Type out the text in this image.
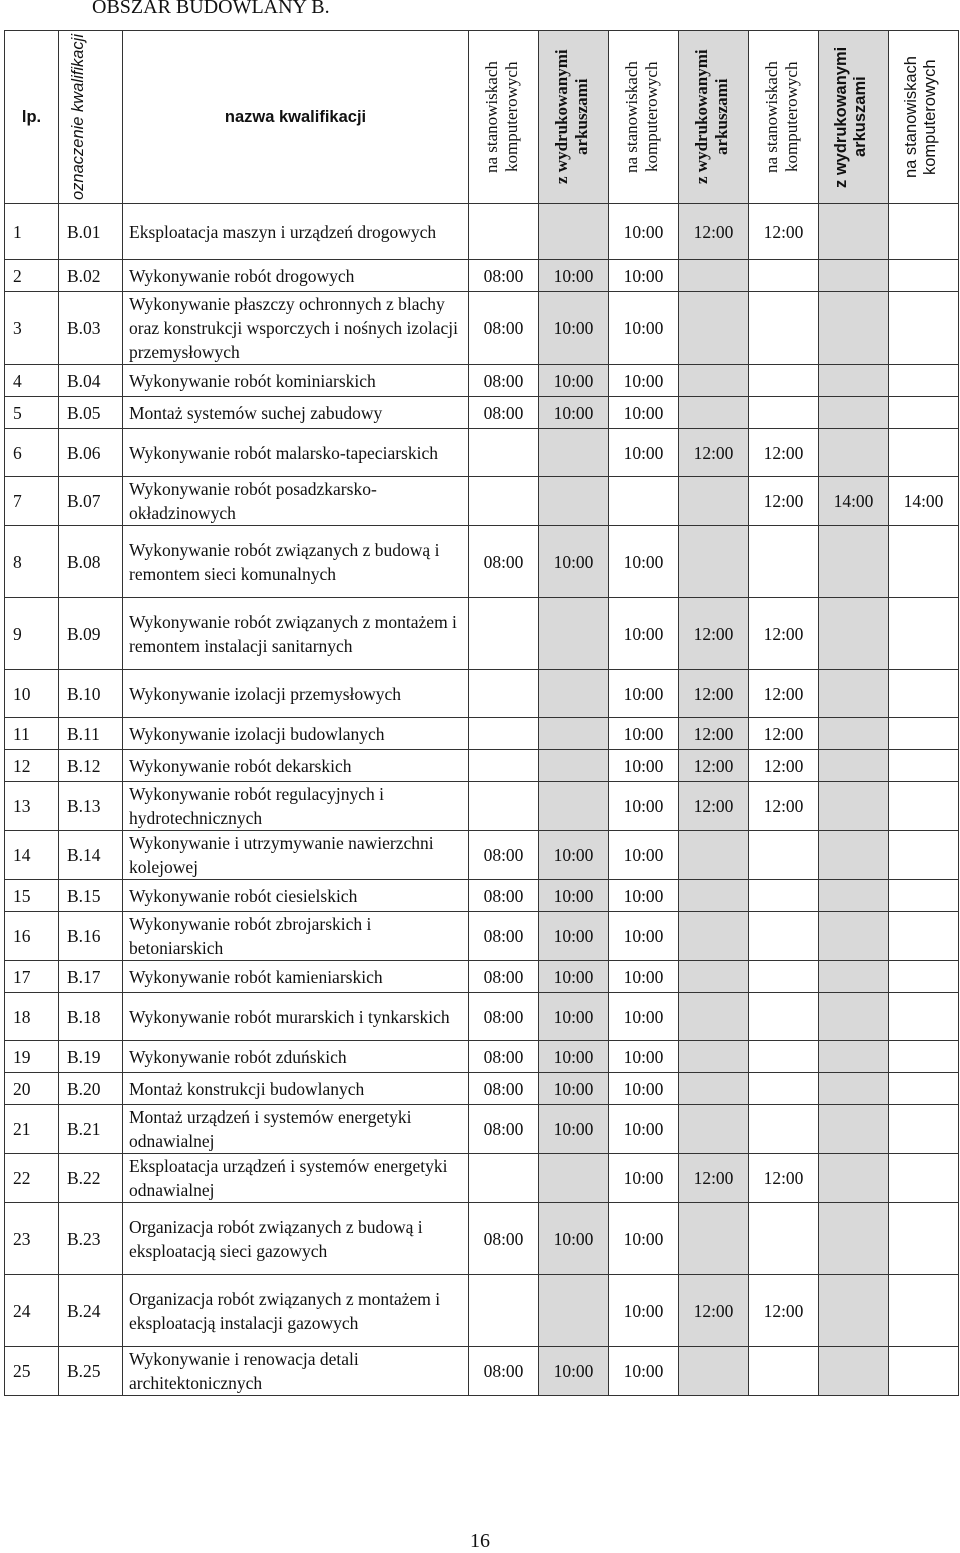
OBSZAR BUDOWLANY B.
lp.	oznaczenie kwalifikacji	nazwa kwalifikacji	na stanowiskach komputerowych	z wydrukowanymi arkuszami	na stanowiskach komputerowych	z wydrukowanymi arkuszami	na stanowiskach komputerowych	z wydrukowanymi arkuszami	na stanowiskach komputerowych

1	B.01	Eksploatacja maszyn i urządzeń drogowych			10:00	12:00	12:00		
2	B.02	Wykonywanie robót drogowych	08:00	10:00	10:00				
3	B.03	Wykonywanie płaszczy ochronnych z blachy oraz konstrukcji wsporczych i nośnych izolacji przemysłowych	08:00	10:00	10:00				
4	B.04	Wykonywanie robót kominiarskich	08:00	10:00	10:00				
5	B.05	Montaż systemów suchej zabudowy	08:00	10:00	10:00				
6	B.06	Wykonywanie robót malarsko-tapeciarskich			10:00	12:00	12:00		
7	B.07	Wykonywanie robót posadzkarsko-okładzinowych					12:00	14:00	14:00
8	B.08	Wykonywanie robót związanych z budową i remontem sieci komunalnych	08:00	10:00	10:00				
9	B.09	Wykonywanie robót związanych z montażem i remontem instalacji sanitarnych			10:00	12:00	12:00		
10	B.10	Wykonywanie izolacji przemysłowych			10:00	12:00	12:00		
11	B.11	Wykonywanie izolacji budowlanych			10:00	12:00	12:00		
12	B.12	Wykonywanie robót dekarskich			10:00	12:00	12:00		
13	B.13	Wykonywanie robót regulacyjnych i hydrotechnicznych			10:00	12:00	12:00		
14	B.14	Wykonywanie i utrzymywanie nawierzchni kolejowej	08:00	10:00	10:00				
15	B.15	Wykonywanie robót ciesielskich	08:00	10:00	10:00				
16	B.16	Wykonywanie robót zbrojarskich i betoniarskich	08:00	10:00	10:00				
17	B.17	Wykonywanie robót kamieniarskich	08:00	10:00	10:00				
18	B.18	Wykonywanie robót murarskich i tynkarskich	08:00	10:00	10:00				
19	B.19	Wykonywanie robót zduńskich	08:00	10:00	10:00				
20	B.20	Montaż konstrukcji budowlanych	08:00	10:00	10:00				
21	B.21	Montaż urządzeń i systemów energetyki odnawialnej	08:00	10:00	10:00				
22	B.22	Eksploatacja urządzeń i systemów energetyki odnawialnej			10:00	12:00	12:00		
23	B.23	Organizacja robót związanych z budową i eksploatacją sieci gazowych	08:00	10:00	10:00				
24	B.24	Organizacja robót związanych z montażem i eksploatacją instalacji gazowych			10:00	12:00	12:00		
25	B.25	Wykonywanie i renowacja detali architektonicznych	08:00	10:00	10:00				
16
